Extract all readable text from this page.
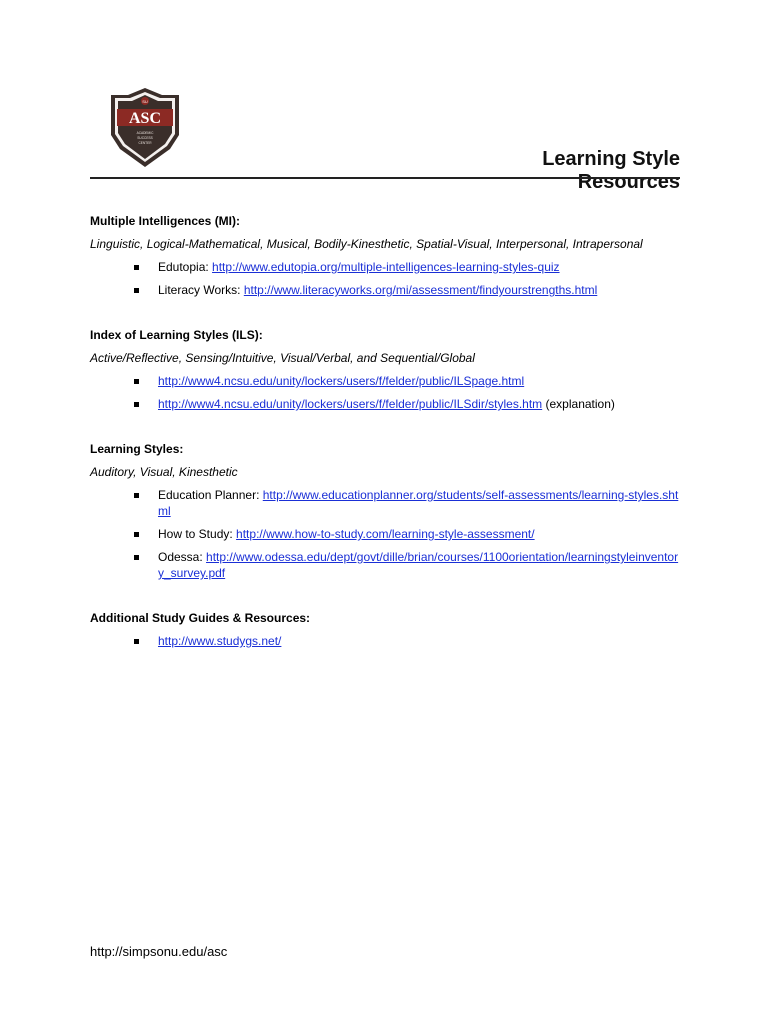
SU
ASC
ACADEMIC
SUCCESS
CENTER
Learning Style Resources
Multiple Intelligences (MI):
Linguistic, Logical-Mathematical, Musical, Bodily-Kinesthetic, Spatial-Visual, Interpersonal, Intrapersonal
Edutopia: http://www.edutopia.org/multiple-intelligences-learning-styles-quiz
Literacy Works: http://www.literacyworks.org/mi/assessment/findyourstrengths.html
Index of Learning Styles (ILS):
Active/Reflective, Sensing/Intuitive, Visual/Verbal, and Sequential/Global
http://www4.ncsu.edu/unity/lockers/users/f/felder/public/ILSpage.html
http://www4.ncsu.edu/unity/lockers/users/f/felder/public/ILSdir/styles.htm (explanation)
Learning Styles:
Auditory, Visual, Kinesthetic
Education Planner: http://www.educationplanner.org/students/self-assessments/learning-styles.shtml
How to Study: http://www.how-to-study.com/learning-style-assessment/
Odessa: http://www.odessa.edu/dept/govt/dille/brian/courses/1100orientation/learningstyleinventory_survey.pdf
Additional Study Guides & Resources:
http://www.studygs.net/
http://simpsonu.edu/asc
